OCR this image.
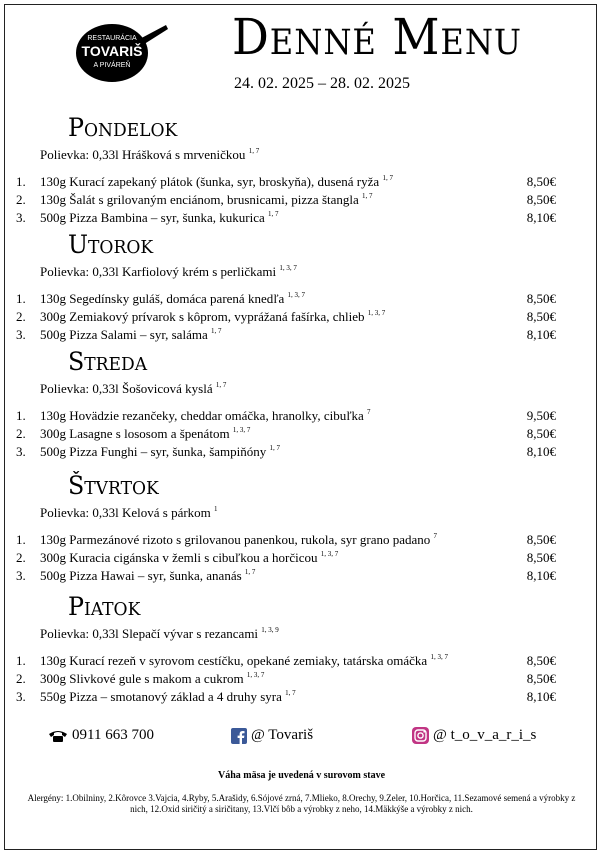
RESTAURÁCIA
TOVARIŠ
A PIVÁREŇ Denné Menu
24. 02. 2025 – 28. 02. 2025
Pondelok
Polievka: 0,33l Hrášková s mrveničkou $^{1, 7}$
1. 130g Kurací zapekaný plátok (šunka, syr, broskyňa), dusená ryža $^{1, 7}$	8,50€
2. 130g Šalát s grilovaným enciánom, brusnicami, pizza štangla $^{1, 7}$	8,50€
3. 500g Pizza Bambina – syr, šunka, kukurica $^{1, 7}$	8,10€
Utorok
Polievka: 0,33l Karfiolový krém s perličkami $^{1, 3, 7}$
1. 130g Segedínsky guláš, domáca parená knedľa $^{1, 3, 7}$	8,50€
2. 300g Zemiakový prívarok s kôprom, vyprážaná fašírka, chlieb $^{1, 3, 7}$	8,50€
3. 500g Pizza Salami – syr, saláma $^{1, 7}$	8,10€
Streda
Polievka: 0,33l Šošovicová kyslá $^{1, 7}$
1. 130g Hovädzie rezančeky, cheddar omáčka, hranolky, cibuľka $^7$	9,50€
2. 300g Lasagne s lososom a špenátom $^{1, 3, 7}$	8,50€
3. 500g Pizza Funghi – syr, šunka, šampiňóny $^{1, 7}$	8,10€
Štvrtok
Polievka: 0,33l Kelová s párkom $^1$
1. 130g Parmezánové rizoto s grilovanou panenkou, rukola, syr grano padano $^7$	8,50€
2. 300g Kuracia cigánska v žemli s cibuľkou a horčicou $^{1, 3, 7}$	8,50€
3. 500g Pizza Hawai – syr, šunka, ananás $^{1, 7}$	8,10€
Piatok
Polievka: 0,33l Slepačí vývar s rezancami $^{1, 3, 9}$
1. 130g Kurací rezeň v syrovom cestíčku, opekané zemiaky, tatárska omáčka $^{1, 3, 7}$	8,50€
2. 300g Slivkové gule s makom a cukrom $^{1, 3, 7}$	8,50€
3. 550g Pizza – smotanový základ a 4 druhy syra $^{1, 7}$	8,10€
0911 663 700	@ Tovariš	@ t_o_v_a_r_i_s
Váha mäsa je uvedená v surovom stave
Alergény: 1.Obilniny, 2.Kôrovce 3.Vajcia, 4.Ryby, 5.Arašidy, 6.Sójové zrná, 7.Mlieko, 8.Orechy, 9.Zeler, 10.Horčica, 11.Sezamové semená a výrobky z nich, 12.Oxid siričitý a siričitany, 13.Vlčí bôb a výrobky z neho, 14.Mäkkýše a výrobky z nich.
